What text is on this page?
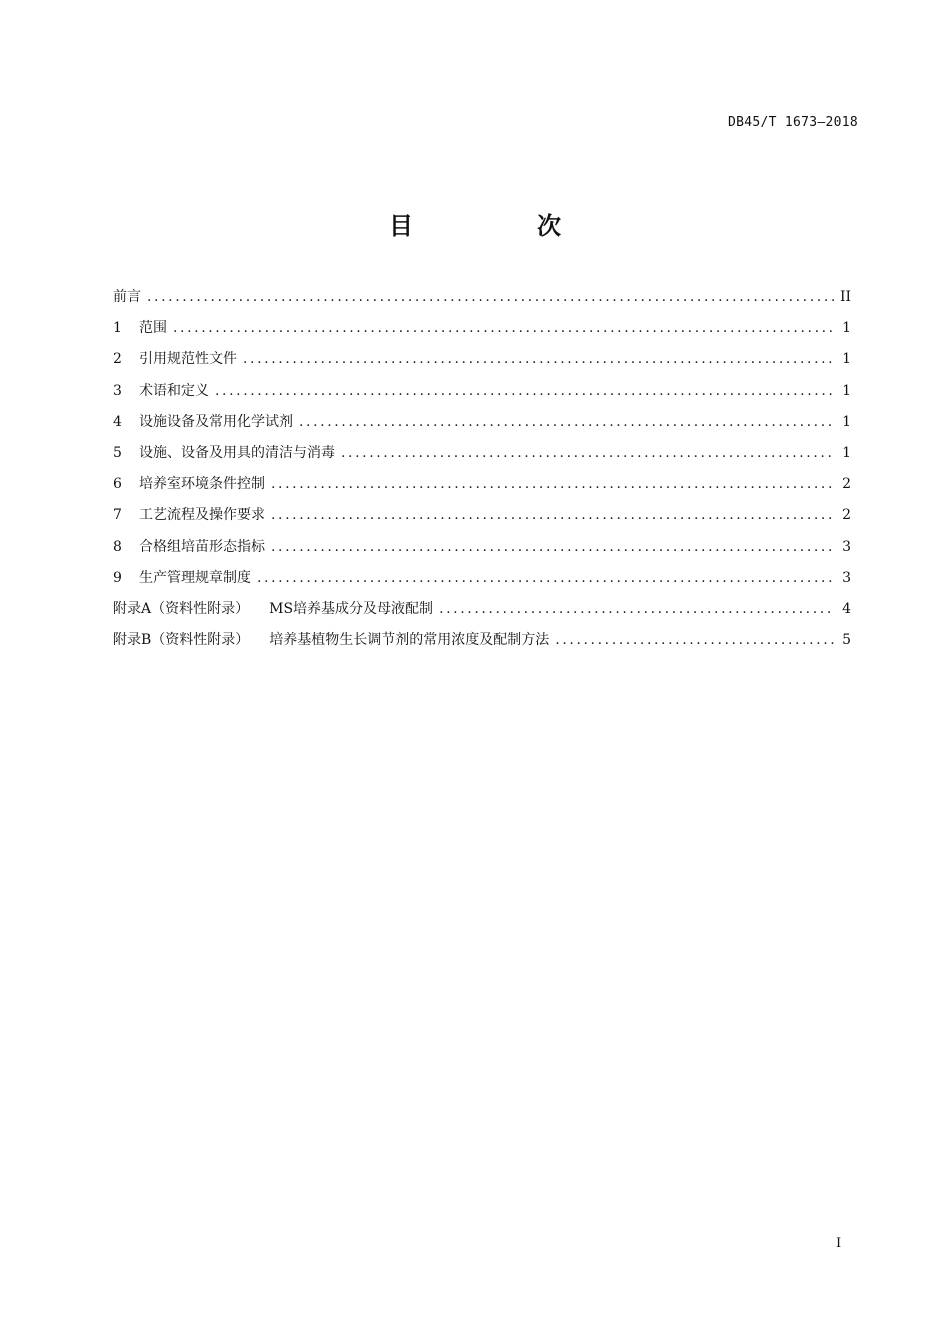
DB45/T 1673—2018
目　次
前言 .....	II
1	范围 .....	1
2	引用规范性文件 .....	1
3	术语和定义 .....	1
4	设施设备及常用化学试剂 .....	1
5	设施、设备及用具的清洁与消毒 .....	1
6	培养室环境条件控制 .....	2
7	工艺流程及操作要求 .....	2
8	合格组培苗形态指标 .....	3
9	生产管理规章制度 .....	3
附录A（资料性附录） MS培养基成分及母液配制 .....	4
附录B（资料性附录） 培养基植物生长调节剂的常用浓度及配制方法 .....	5
I
